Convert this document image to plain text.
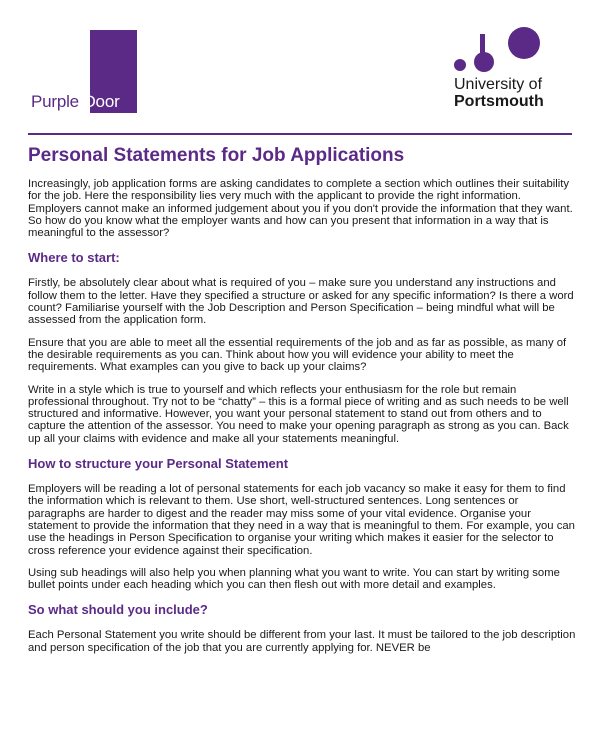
Purple Door
University of
Portsmouth
Personal Statements for Job Applications

Increasingly, job application forms are asking candidates to complete a section which outlines their suitability for the job. Here the responsibility lies very much with the applicant to provide the right information. Employers cannot make an informed judgement about you if you don't provide the information that they want. So how do you know what the employer wants and how can you present that information in a way that is meaningful to the assessor?

Where to start:

Firstly, be absolutely clear about what is required of you – make sure you understand any instructions and follow them to the letter. Have they specified a structure or asked for any specific information? Is there a word count? Familiarise yourself with the Job Description and Person Specification – being mindful what will be assessed from the application form.

Ensure that you are able to meet all the essential requirements of the job and as far as possible, as many of the desirable requirements as you can. Think about how you will evidence your ability to meet the requirements. What examples can you give to back up your claims?

Write in a style which is true to yourself and which reflects your enthusiasm for the role but remain professional throughout. Try not to be “chatty” – this is a formal piece of writing and as such needs to be well structured and informative. However, you want your personal statement to stand out from others and to capture the attention of the assessor. You need to make your opening paragraph as strong as you can. Back up all your claims with evidence and make all your statements meaningful.

How to structure your Personal Statement

Employers will be reading a lot of personal statements for each job vacancy so make it easy for them to find the information which is relevant to them. Use short, well-structured sentences. Long sentences or paragraphs are harder to digest and the reader may miss some of your vital evidence. Organise your statement to provide the information that they need in a way that is meaningful to them. For example, you can use the headings in Person Specification to organise your writing which makes it easier for the selector to cross reference your evidence against their specification.

Using sub headings will also help you when planning what you want to write. You can start by writing some bullet points under each heading which you can then flesh out with more detail and examples.

So what should you include?

Each Personal Statement you write should be different from your last. It must be tailored to the job description and person specification of the job that you are currently applying for. NEVER be
